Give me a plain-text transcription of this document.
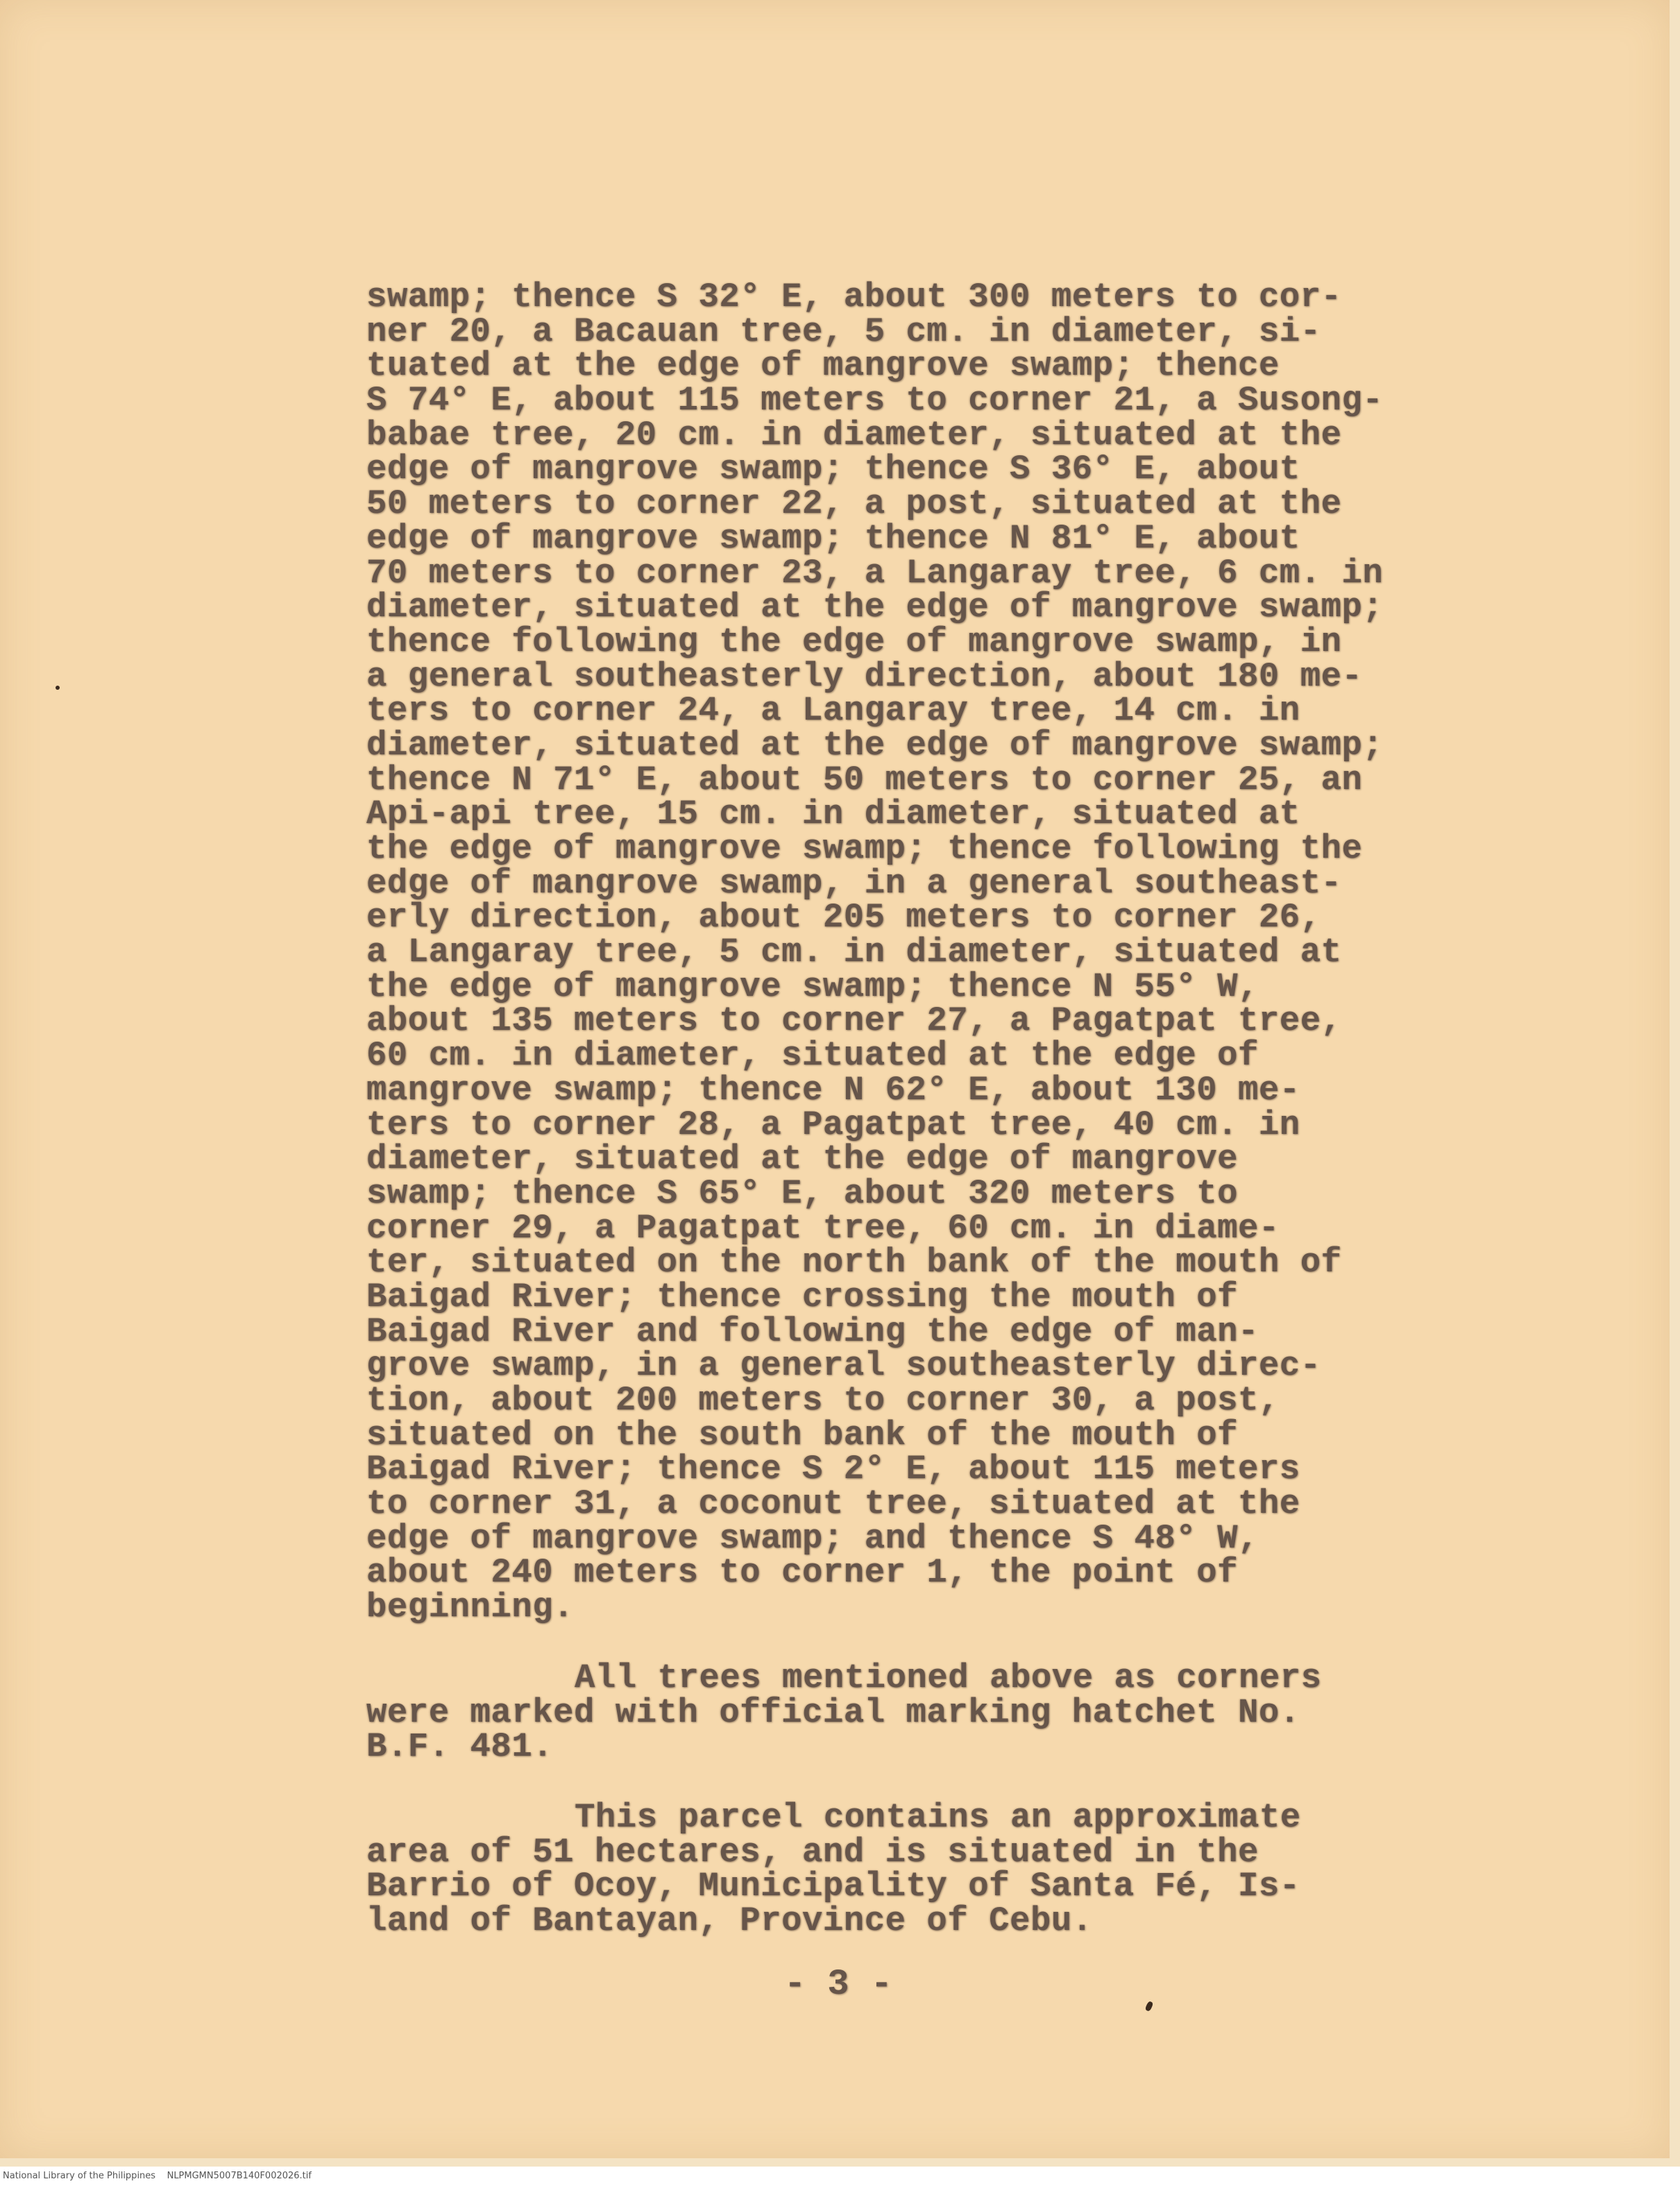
swamp; thence S 32° E, about 300 meters to cor-
ner 20, a Bacauan tree, 5 cm. in diameter, si-
tuated at the edge of mangrove swamp; thence
S 74° E, about 115 meters to corner 21, a Susong-
babae tree, 20 cm. in diameter, situated at the
edge of mangrove swamp; thence S 36° E, about
50 meters to corner 22, a post, situated at the
edge of mangrove swamp; thence N 81° E, about
70 meters to corner 23, a Langaray tree, 6 cm. in
diameter, situated at the edge of mangrove swamp;
thence following the edge of mangrove swamp, in
a general southeasterly direction, about 180 me-
ters to corner 24, a Langaray tree, 14 cm. in
diameter, situated at the edge of mangrove swamp;
thence N 71° E, about 50 meters to corner 25, an
Api-api tree, 15 cm. in diameter, situated at
the edge of mangrove swamp; thence following the
edge of mangrove swamp, in a general southeast-
erly direction, about 205 meters to corner 26,
a Langaray tree, 5 cm. in diameter, situated at
the edge of mangrove swamp; thence N 55° W,
about 135 meters to corner 27, a Pagatpat tree,
60 cm. in diameter, situated at the edge of
mangrove swamp; thence N 62° E, about 130 me-
ters to corner 28, a Pagatpat tree, 40 cm. in
diameter, situated at the edge of mangrove
swamp; thence S 65° E, about 320 meters to
corner 29, a Pagatpat tree, 60 cm. in diame-
ter, situated on the north bank of the mouth of
Baigad River; thence crossing the mouth of
Baigad River and following the edge of man-
grove swamp, in a general southeasterly direc-
tion, about 200 meters to corner 30, a post,
situated on the south bank of the mouth of
Baigad River; thence S 2° E, about 115 meters
to corner 31, a coconut tree, situated at the
edge of mangrove swamp; and thence S 48° W,
about 240 meters to corner 1, the point of
beginning.
All trees mentioned above as corners
were marked with official marking hatchet No.
B.F. 481.
This parcel contains an approximate
area of 51 hectares, and is situated in the
Barrio of Ocoy, Municipality of Santa Fé, Is-
land of Bantayan, Province of Cebu.
- 3 -
National Library of the Philippines    NLPMGMN5007B140F002026.tif
